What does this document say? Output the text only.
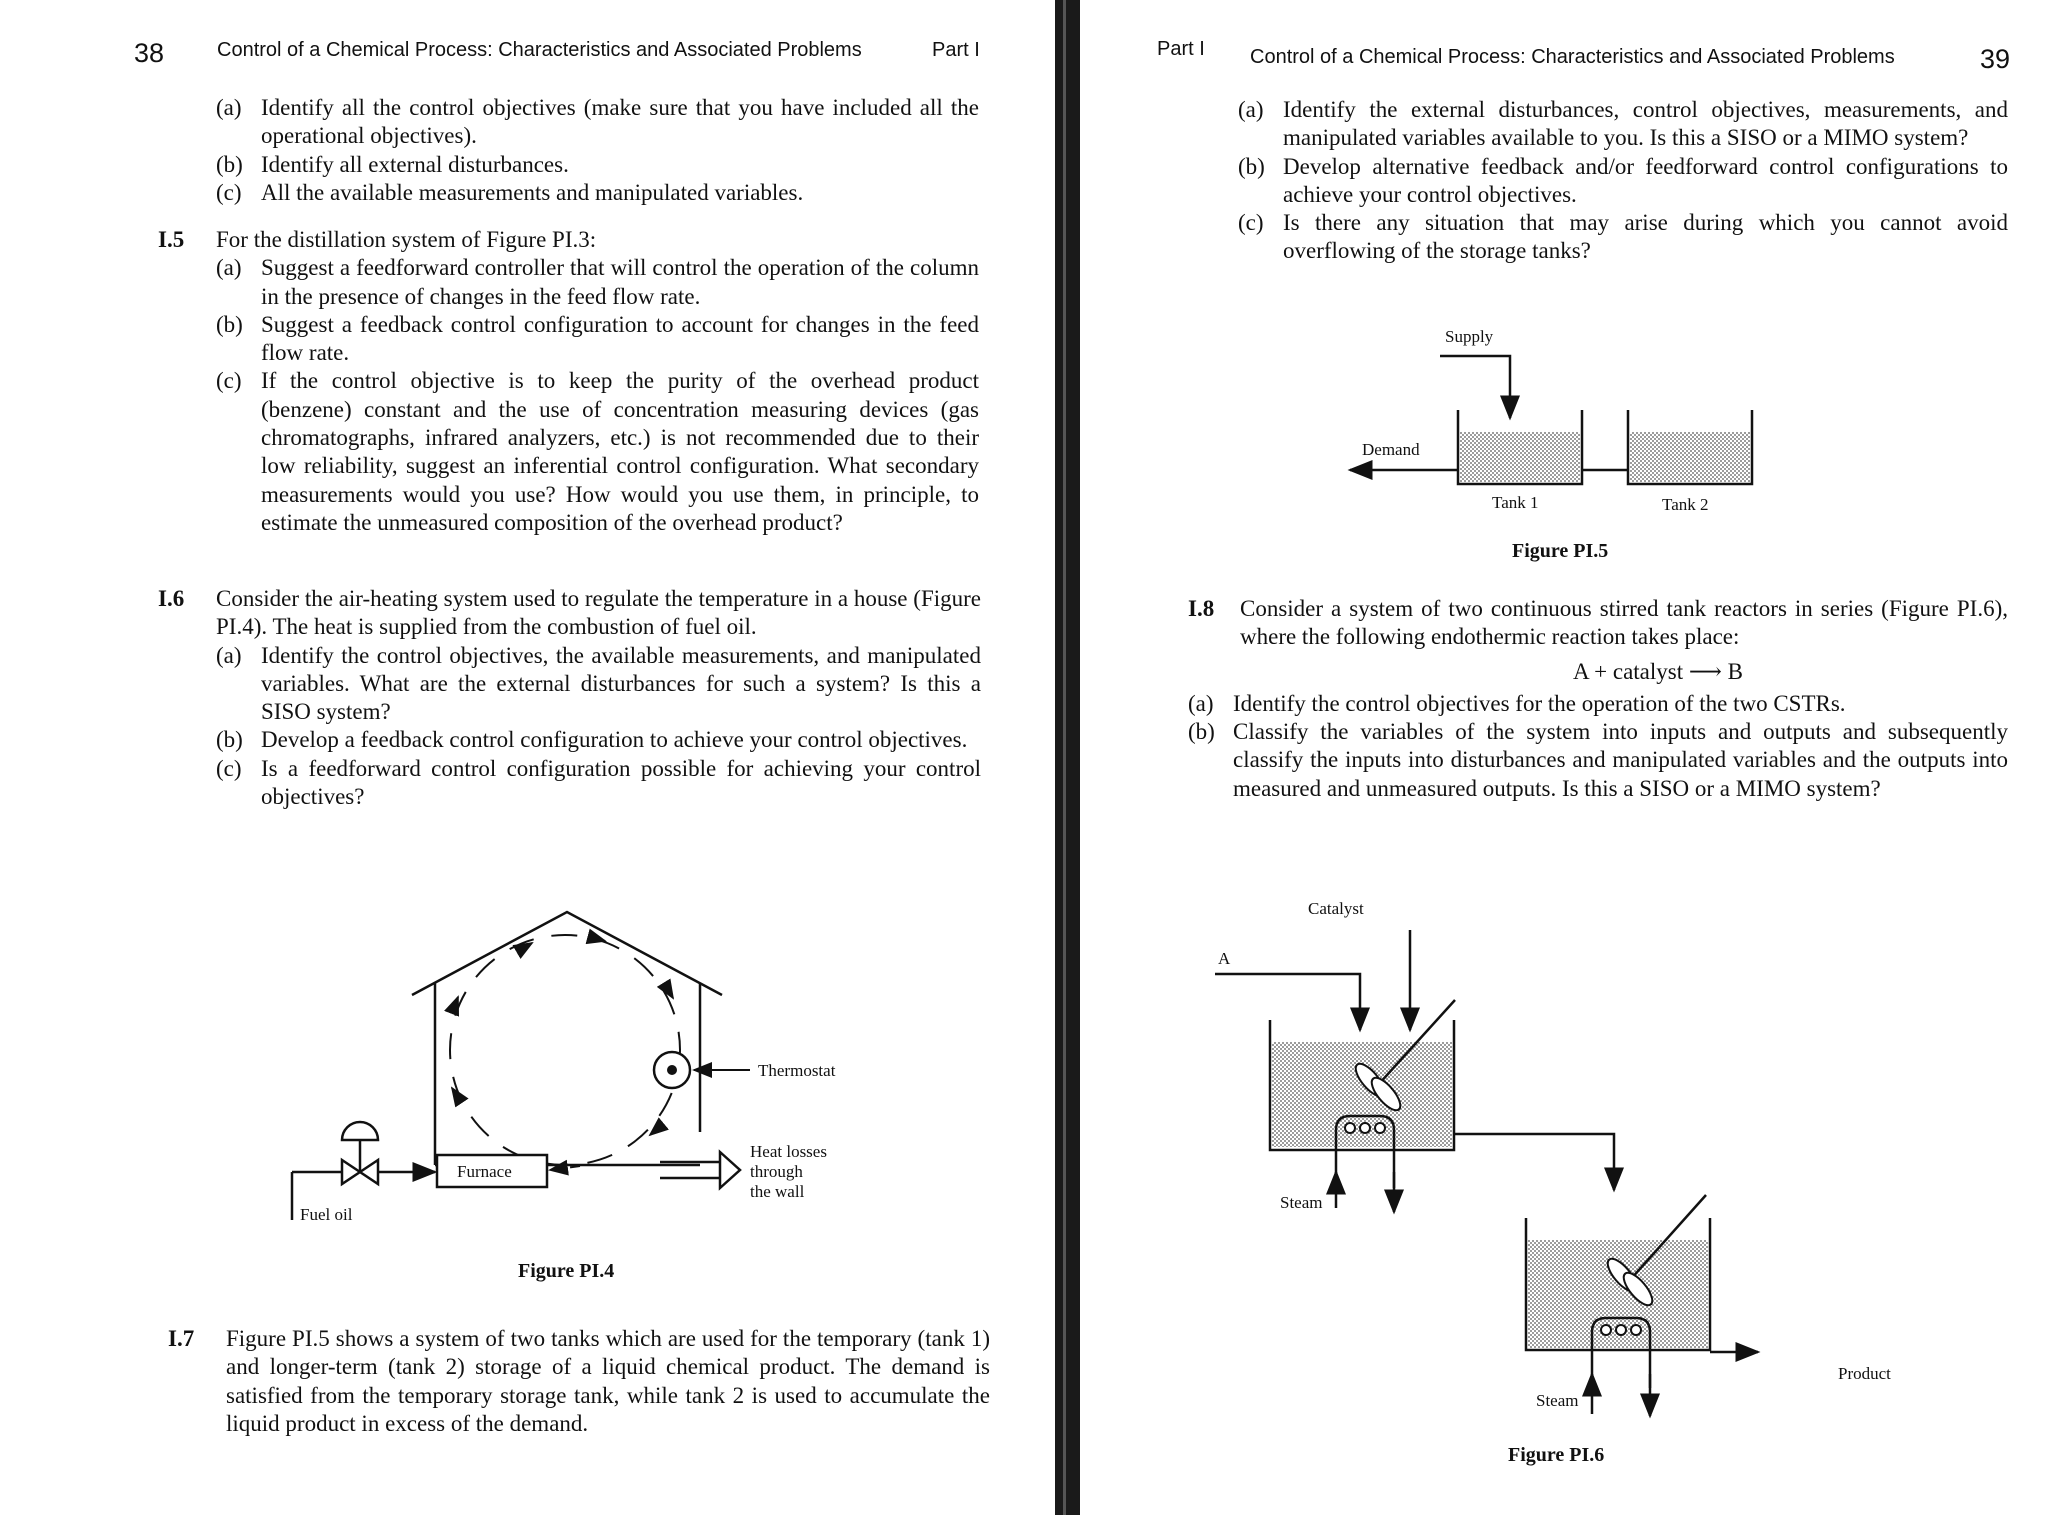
38	Control of a Chemical Process: Characteristics and Associated Problems	Part I
(a) Identify all the control objectives (make sure that you have included all the operational objectives).
(b) Identify all external disturbances.
(c) All the available measurements and manipulated variables.
I.5 For the distillation system of Figure PI.3:
(a) Suggest a feedforward controller that will control the operation of the column in the presence of changes in the feed flow rate.
(b) Suggest a feedback control configuration to account for changes in the feed flow rate.
(c) If the control objective is to keep the purity of the overhead product (benzene) constant and the use of concentration measuring devices (gas chromatographs, infrared analyzers, etc.) is not recommended due to their low reliability, suggest an inferential control configuration. What secondary measurements would you use? How would you use them, in principle, to estimate the unmeasured composition of the overhead product?
I.6 Consider the air-heating system used to regulate the temperature in a house (Figure PI.4). The heat is supplied from the combustion of fuel oil.
(a) Identify the control objectives, the available measurements, and manipulated variables. What are the external disturbances for such a system? Is this a SISO system?
(b) Develop a feedback control configuration to achieve your control objectives.
(c) Is a feedforward control configuration possible for achieving your control objectives?
Thermostat
Furnace
Heat losses
through
the wall
Fuel oil
Figure PI.4
I.7 Figure PI.5 shows a system of two tanks which are used for the temporary (tank 1) and longer-term (tank 2) storage of a liquid chemical product. The demand is satisfied from the temporary storage tank, while tank 2 is used to accumulate the liquid product in excess of the demand.
Part I Control of a Chemical Process: Characteristics and Associated Problems	39
(a) Identify the external disturbances, control objectives, measurements, and manipulated variables available to you. Is this a SISO or a MIMO system?
(b) Develop alternative feedback and/or feedforward control configurations to achieve your control objectives.
(c) Is there any situation that may arise during which you cannot avoid overflowing of the storage tanks?
Supply
Demand
Tank 1	Tank 2
Figure PI.5
I.8 Consider a system of two continuous stirred tank reactors in series (Figure PI.6), where the following endothermic reaction takes place:
A + catalyst ⟶ B
(a) Identify the control objectives for the operation of the two CSTRs.
(b) Classify the variables of the system into inputs and outputs and subsequently classify the inputs into disturbances and manipulated variables and the outputs into measured and unmeasured outputs. Is this a SISO or a MIMO system?
Catalyst
A
Steam
Steam
Product
Figure PI.6
